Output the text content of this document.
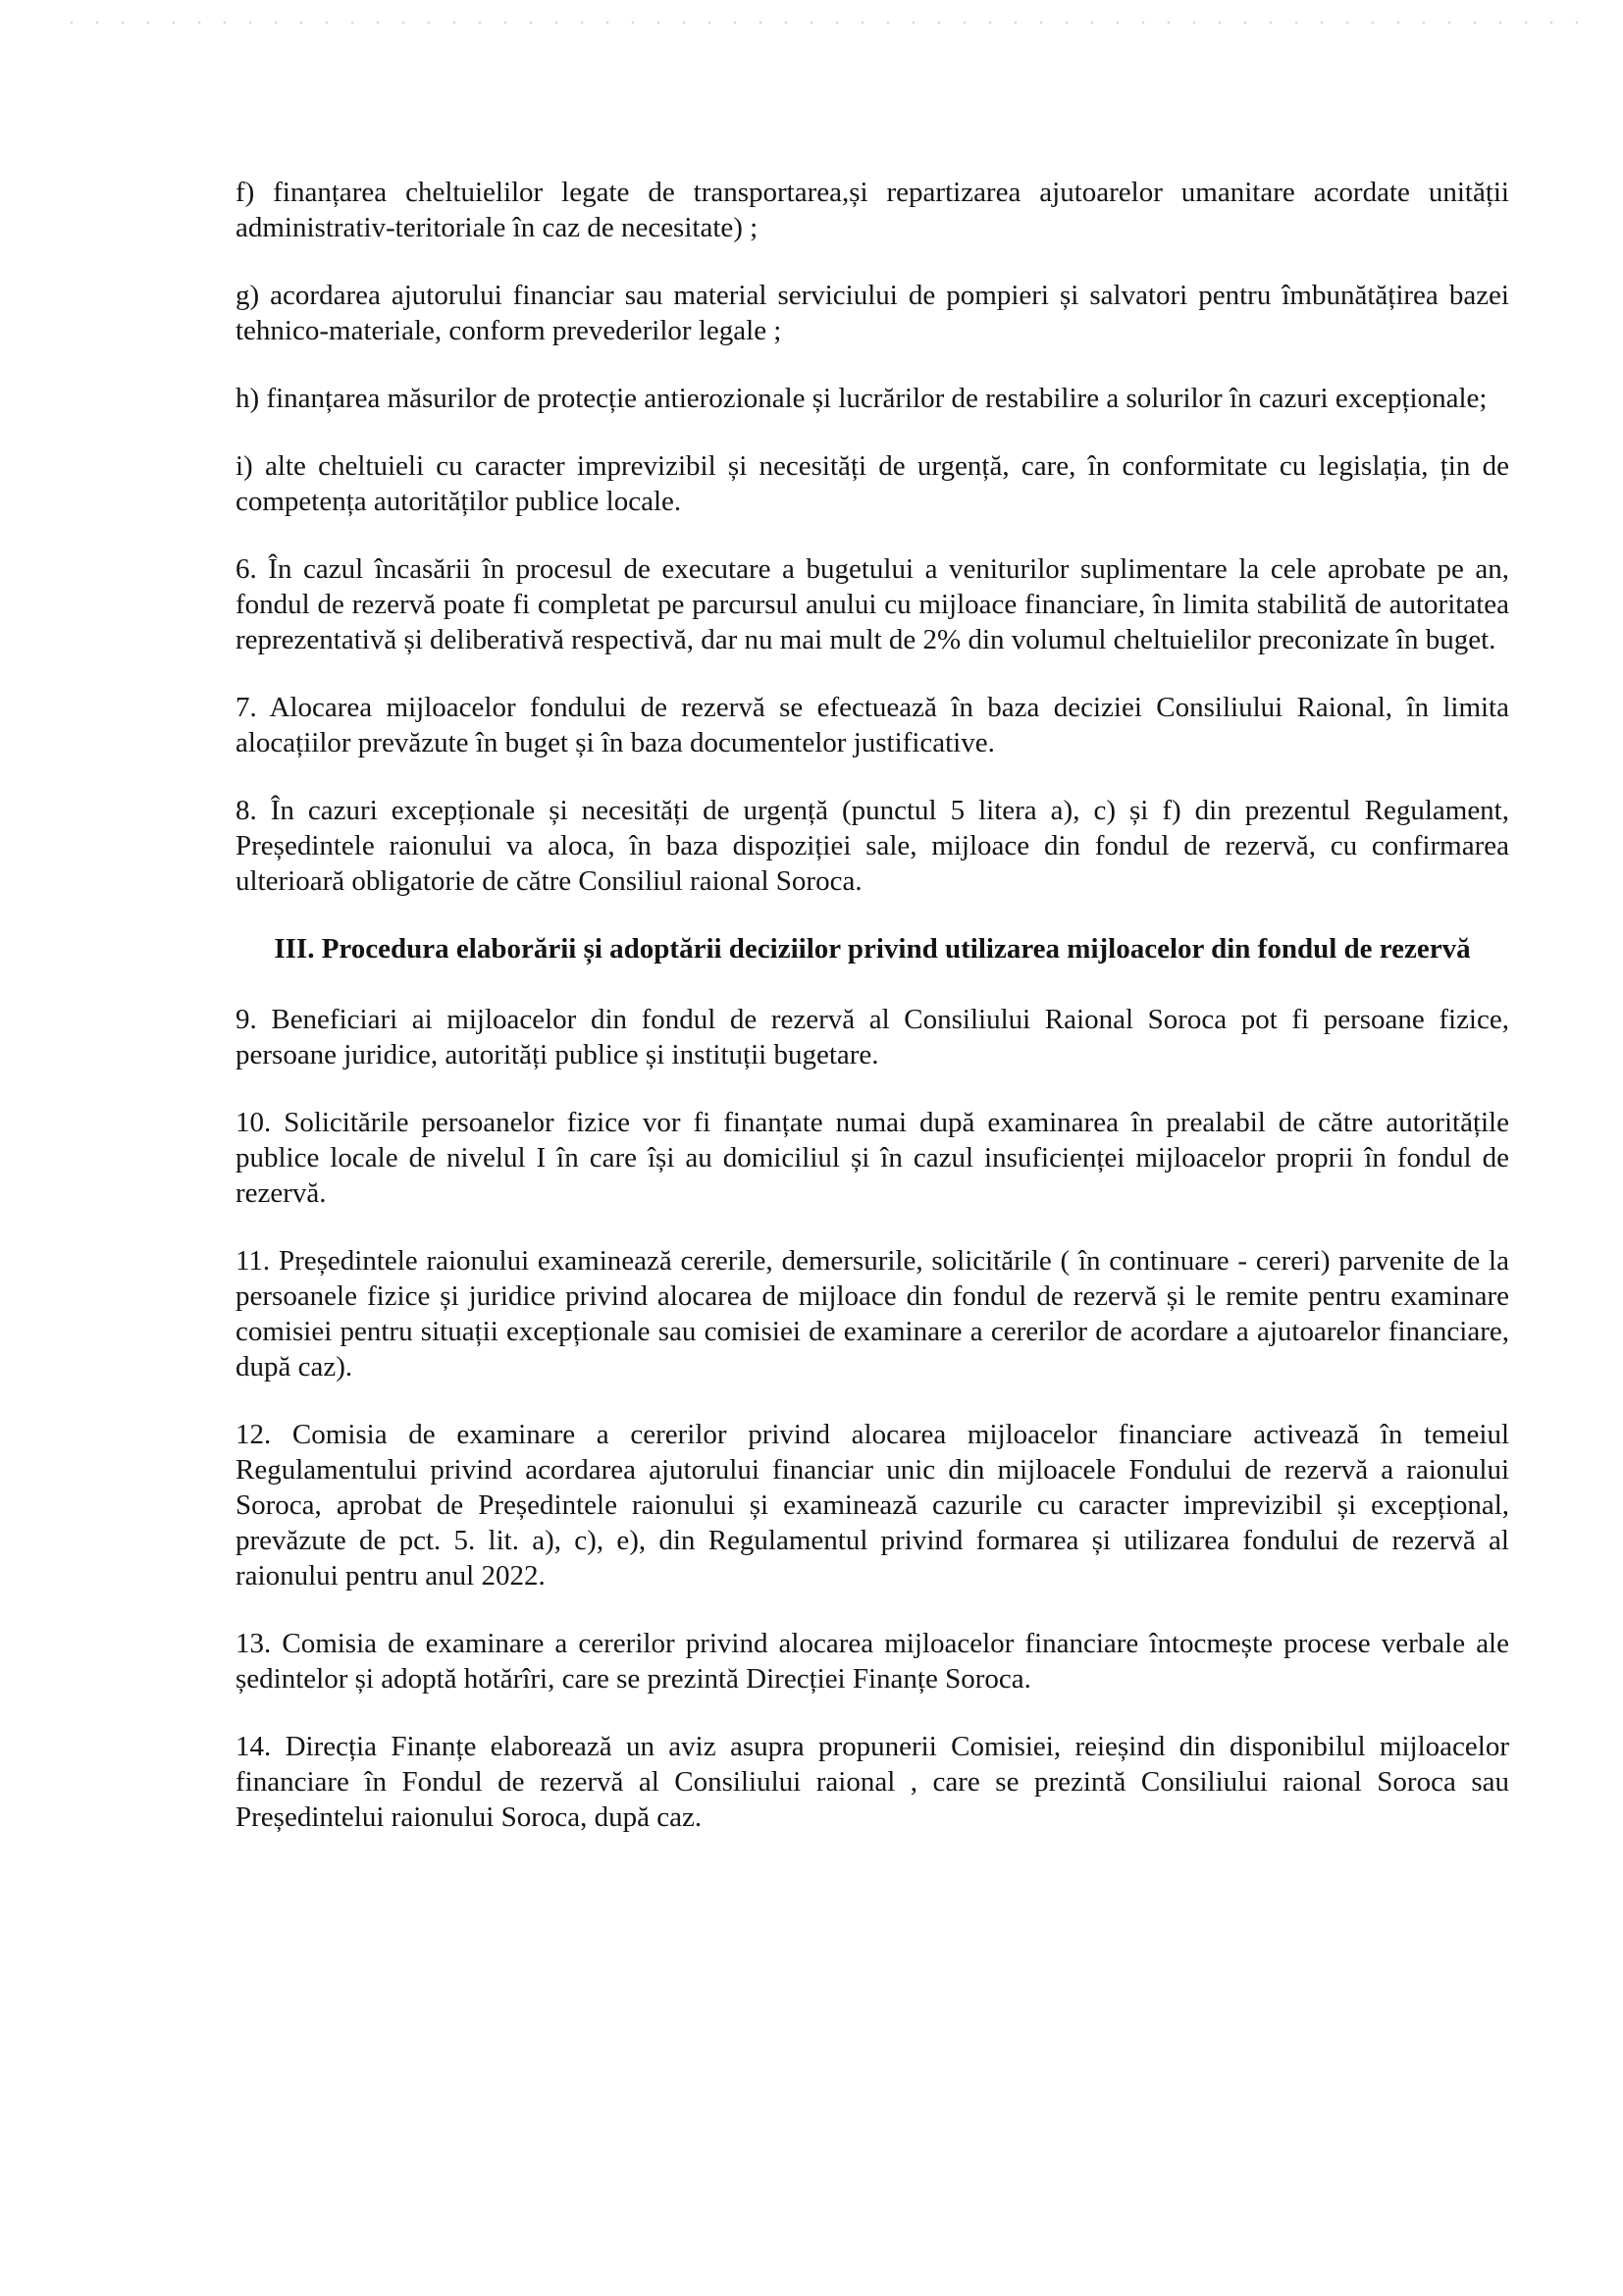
f) finanțarea cheltuielilor legate de transportarea,și repartizarea ajutoarelor umanitare acordate unității administrativ-teritoriale în caz de necesitate) ;

g) acordarea ajutorului financiar sau material serviciului de pompieri și salvatori pentru îmbunătățirea bazei tehnico-materiale, conform prevederilor legale ;

h) finanțarea măsurilor de protecție antierozionale și lucrărilor de restabilire a solurilor în cazuri excepționale;

i) alte cheltuieli cu caracter imprevizibil și necesități de urgență, care, în conformitate cu legislația, țin de competența autorităților publice locale.

6. În cazul încasării în procesul de executare a bugetului a veniturilor suplimentare la cele aprobate pe an, fondul de rezervă poate fi completat pe parcursul anului cu mijloace financiare, în limita stabilită de autoritatea reprezentativă și deliberativă respectivă, dar nu mai mult de 2% din volumul cheltuielilor preconizate în buget.

7. Alocarea mijloacelor fondului de rezervă se efectuează în baza deciziei Consiliului Raional, în limita alocațiilor prevăzute în buget și în baza documentelor justificative.

8. În cazuri excepționale și necesități de urgență (punctul 5 litera a), c) și f) din prezentul Regulament, Președintele raionului va aloca, în baza dispoziției sale, mijloace din fondul de rezervă, cu confirmarea ulterioară obligatorie de către Consiliul raional Soroca.

III. Procedura elaborării și adoptării deciziilor privind utilizarea mijloacelor din fondul de rezervă

9. Beneficiari ai mijloacelor din fondul de rezervă al Consiliului Raional Soroca pot fi persoane fizice, persoane juridice, autorități publice și instituții bugetare.

10. Solicitările persoanelor fizice vor fi finanțate numai după examinarea în prealabil de către autoritățile publice locale de nivelul I în care își au domiciliul și în cazul insuficienței mijloacelor proprii în fondul de rezervă.

11. Președintele raionului examinează cererile, demersurile, solicitările ( în continuare - cereri) parvenite de la persoanele fizice și juridice privind alocarea de mijloace din fondul de rezervă și le remite pentru examinare comisiei pentru situații excepționale sau comisiei de examinare a cererilor de acordare a ajutoarelor financiare, după caz).

12. Comisia de examinare a cererilor privind alocarea mijloacelor financiare activează în temeiul Regulamentului privind acordarea ajutorului financiar unic din mijloacele Fondului de rezervă a raionului Soroca, aprobat de Președintele raionului și examinează cazurile cu caracter imprevizibil și excepțional, prevăzute de pct. 5. lit. a), c), e), din Regulamentul privind formarea și utilizarea fondului de rezervă al raionului pentru anul 2022.

13. Comisia de examinare a cererilor privind alocarea mijloacelor financiare întocmește procese verbale ale ședintelor și adoptă hotărîri, care se prezintă Direcției Finanțe Soroca.

14. Direcția Finanțe elaborează un aviz asupra propunerii Comisiei, reieșind din disponibilul mijloacelor financiare în Fondul de rezervă al Consiliului raional , care se prezintă Consiliului raional Soroca sau Președintelui raionului Soroca, după caz.
